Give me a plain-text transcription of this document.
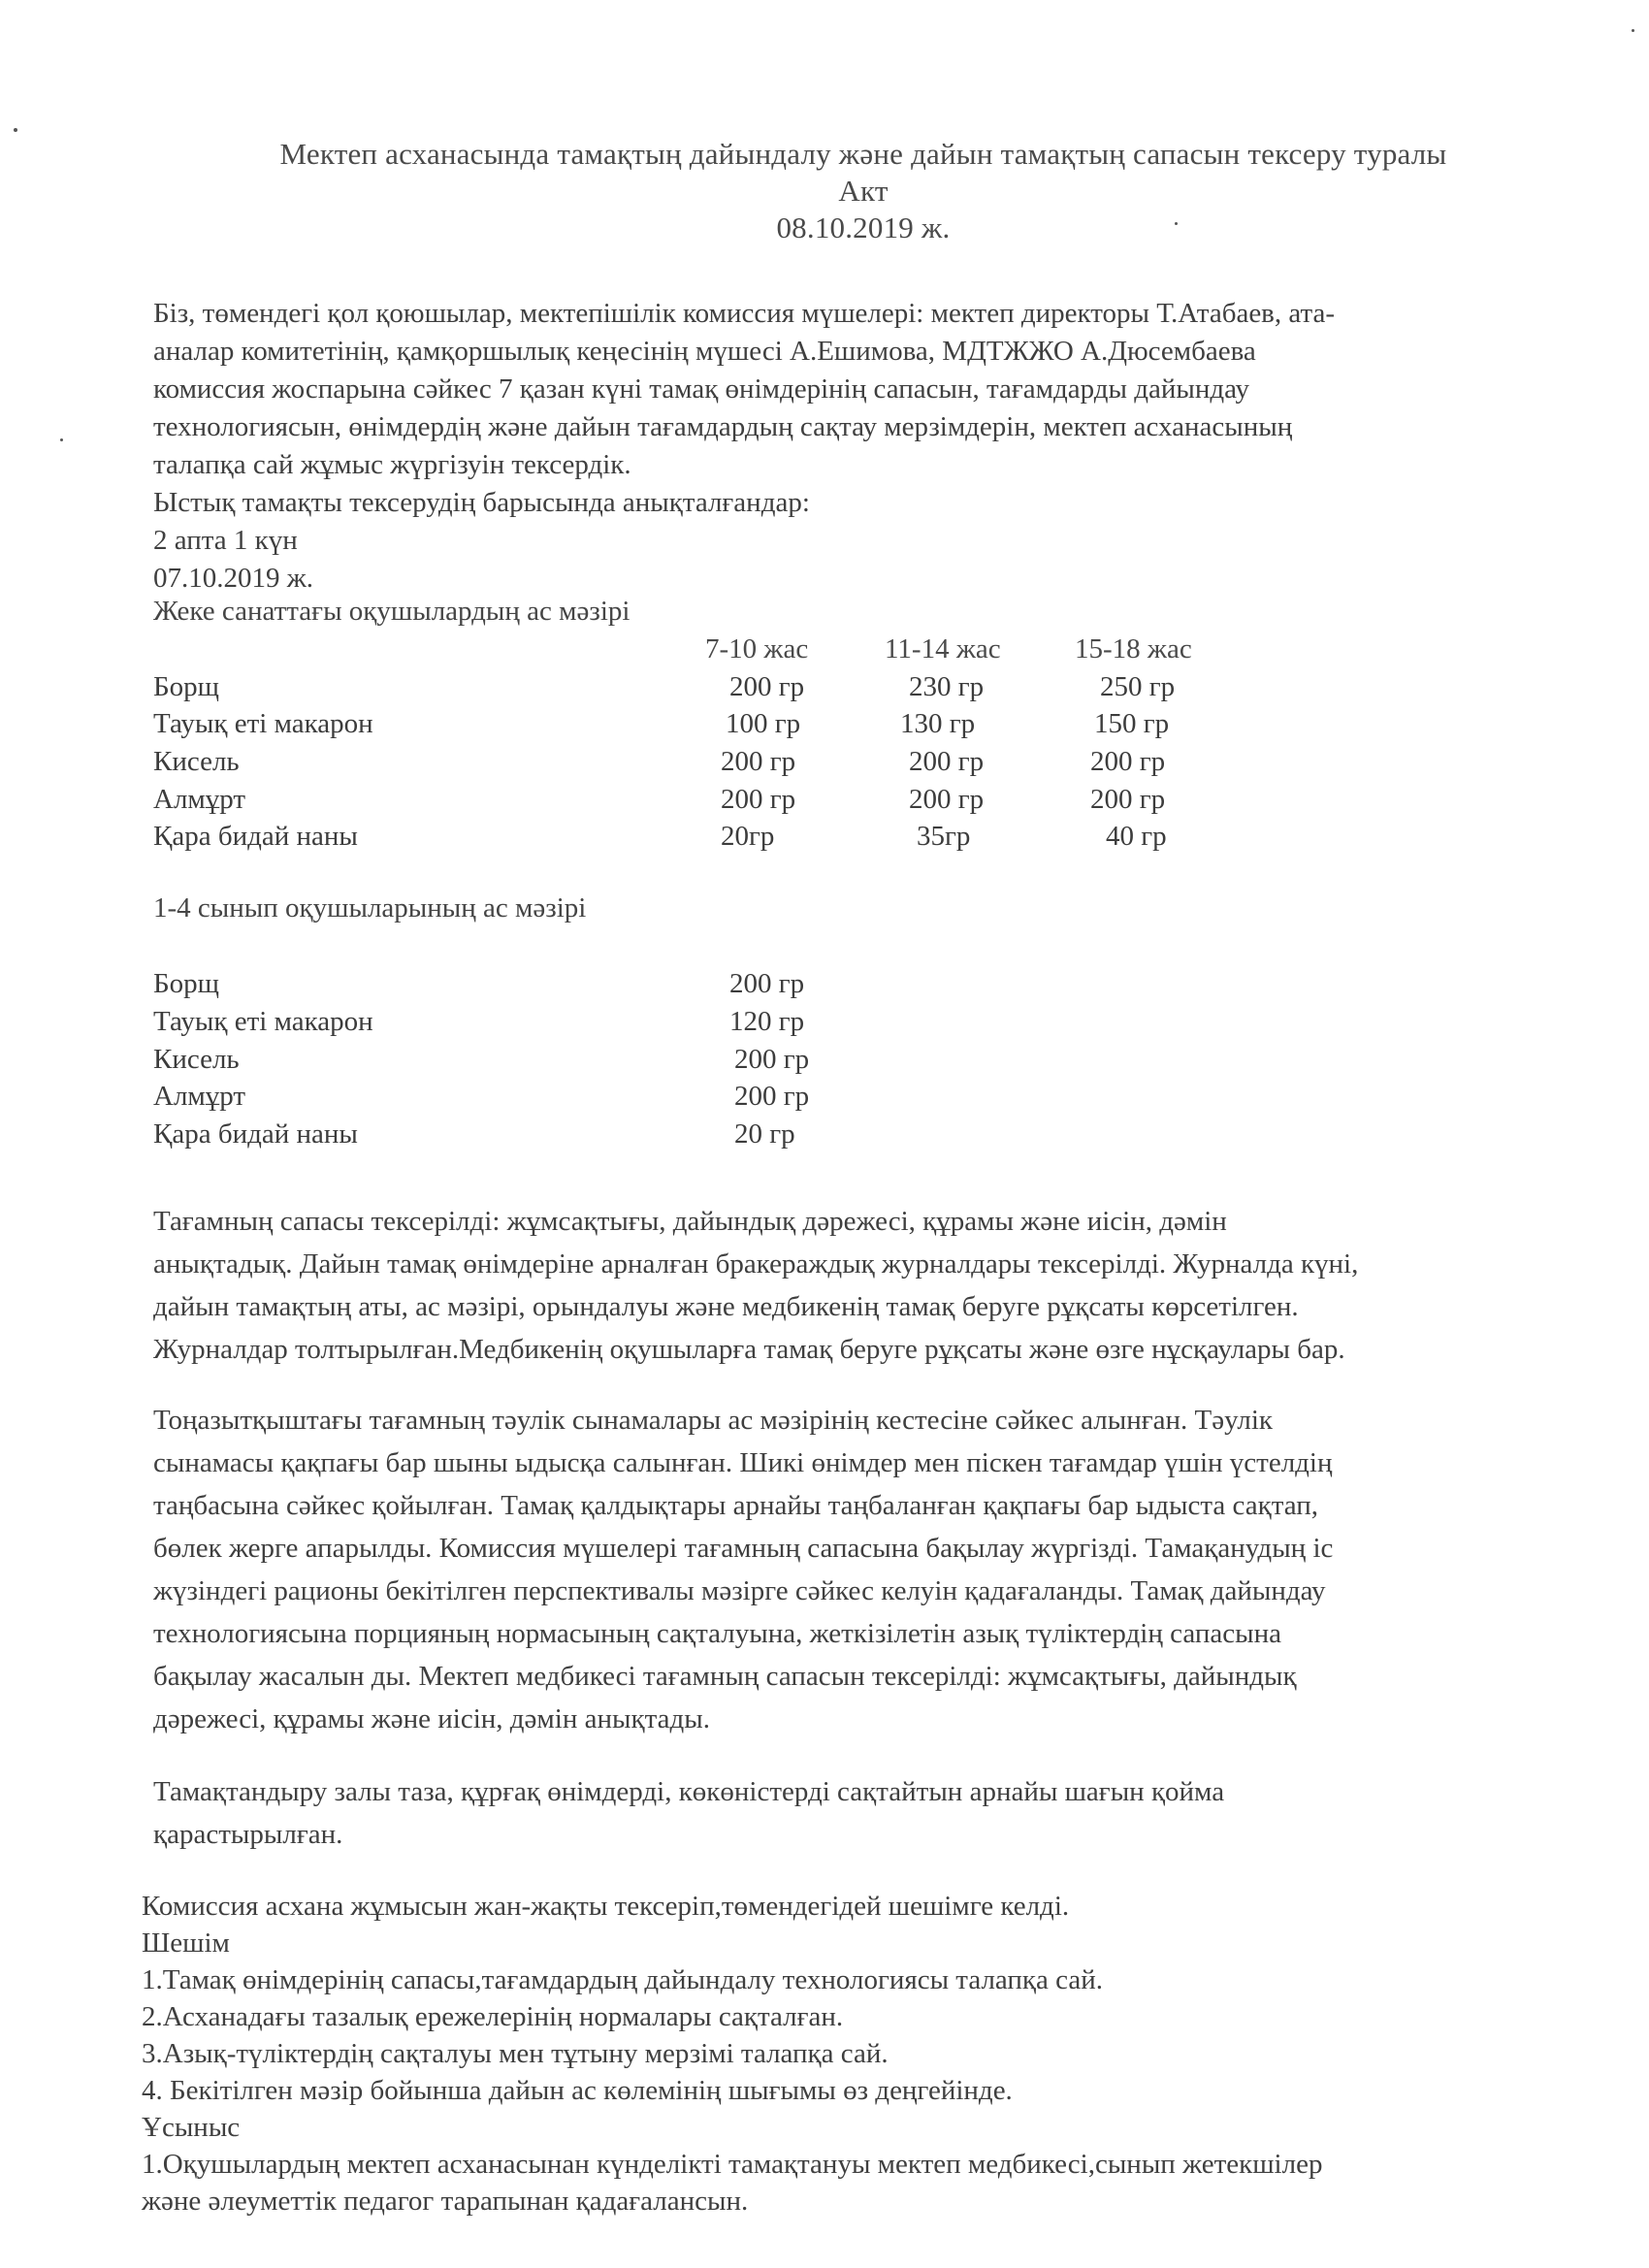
Мектеп асханасында тамақтың дайындалу және дайын тамақтың сапасын тексеру туралы
Акт
08.10.2019 ж.
Біз, төмендегі қол қоюшылар, мектепішілік комиссия мүшелері: мектеп директоры Т.Атабаев, ата-
аналар комитетінің, қамқоршылық кеңесінің мүшесі А.Ешимова, МДТЖЖО А.Дюсембаева
комиссия жоспарына сәйкес 7 қазан күні тамақ өнімдерінің сапасын, тағамдарды дайындау
технологиясын, өнімдердің және дайын тағамдардың сақтау мерзімдерін, мектеп асханасының
талапқа сай жұмыс жүргізуін тексердік.
Ыстық тамақты тексерудің барысында анықталғандар:
2 апта 1 күн
07.10.2019 ж.
Жеке санаттағы оқушылардың ас мәзірі
7-10 жас	11-14 жас	15-18 жас
Борщ	200 гр	230 гр	250 гр
Тауық еті макарон	100 гр	130 гр	150 гр
Кисель	200 гр	200 гр	200 гр
Алмұрт	200 гр	200 гр	200 гр
Қара бидай наны	20гр	35гр	40 гр
1-4 сынып оқушыларының ас мәзірі
Борщ	200 гр
Тауық еті макарон	120 гр
Кисель	200 гр
Алмұрт	200 гр
Қара бидай наны	20 гр
Тағамның сапасы тексерілді: жұмсақтығы, дайындық дәрежесі, құрамы және иісін, дәмін
анықтадық. Дайын тамақ өнімдеріне арналған бракераждық журналдары тексерілді. Журналда күні,
дайын тамақтың аты, ас мәзірі, орындалуы және медбикенің тамақ беруге рұқсаты көрсетілген.
Журналдар толтырылған.Медбикенің оқушыларға тамақ беруге рұқсаты және өзге нұсқаулары бар.
Тоңазытқыштағы тағамның тәулік сынамалары ас мәзірінің кестесіне сәйкес алынған. Тәулік
сынамасы қақпағы бар шыны ыдысқа салынған. Шикі өнімдер мен піскен тағамдар үшін үстелдің
таңбасына сәйкес қойылған. Тамақ қалдықтары арнайы таңбаланған қақпағы бар ыдыста сақтап,
бөлек жерге апарылды. Комиссия мүшелері тағамның сапасына бақылау жүргізді. Тамақанудың іс
жүзіндегі рационы бекітілген перспективалы мәзірге сәйкес келуін қадағаланды. Тамақ дайындау
технологиясына порцияның нормасының сақталуына, жеткізілетін азық түліктердің сапасына
бақылау жасалын ды. Мектеп медбикесі тағамның сапасын тексерілді: жұмсақтығы, дайындық
дәрежесі, құрамы және иісін, дәмін анықтады.
Тамақтандыру залы таза, құрғақ өнімдерді, көкөністерді сақтайтын арнайы шағын қойма
қарастырылған.
Комиссия асхана жұмысын жан-жақты тексеріп,төмендегідей шешімге келді.
Шешім
1.Тамақ өнімдерінің сапасы,тағамдардың дайындалу технологиясы талапқа сай.
2.Асханадағы тазалық ережелерінің нормалары сақталған.
3.Азық-түліктердің сақталуы мен тұтыну мерзімі талапқа сай.
4. Бекітілген мәзір бойынша дайын ас көлемінің шығымы өз деңгейінде.
Ұсыныс
1.Оқушылардың мектеп асханасынан күнделікті тамақтануы мектеп медбикесі,сынып жетекшілер
және әлеуметтік педагог тарапынан қадағалансын.
